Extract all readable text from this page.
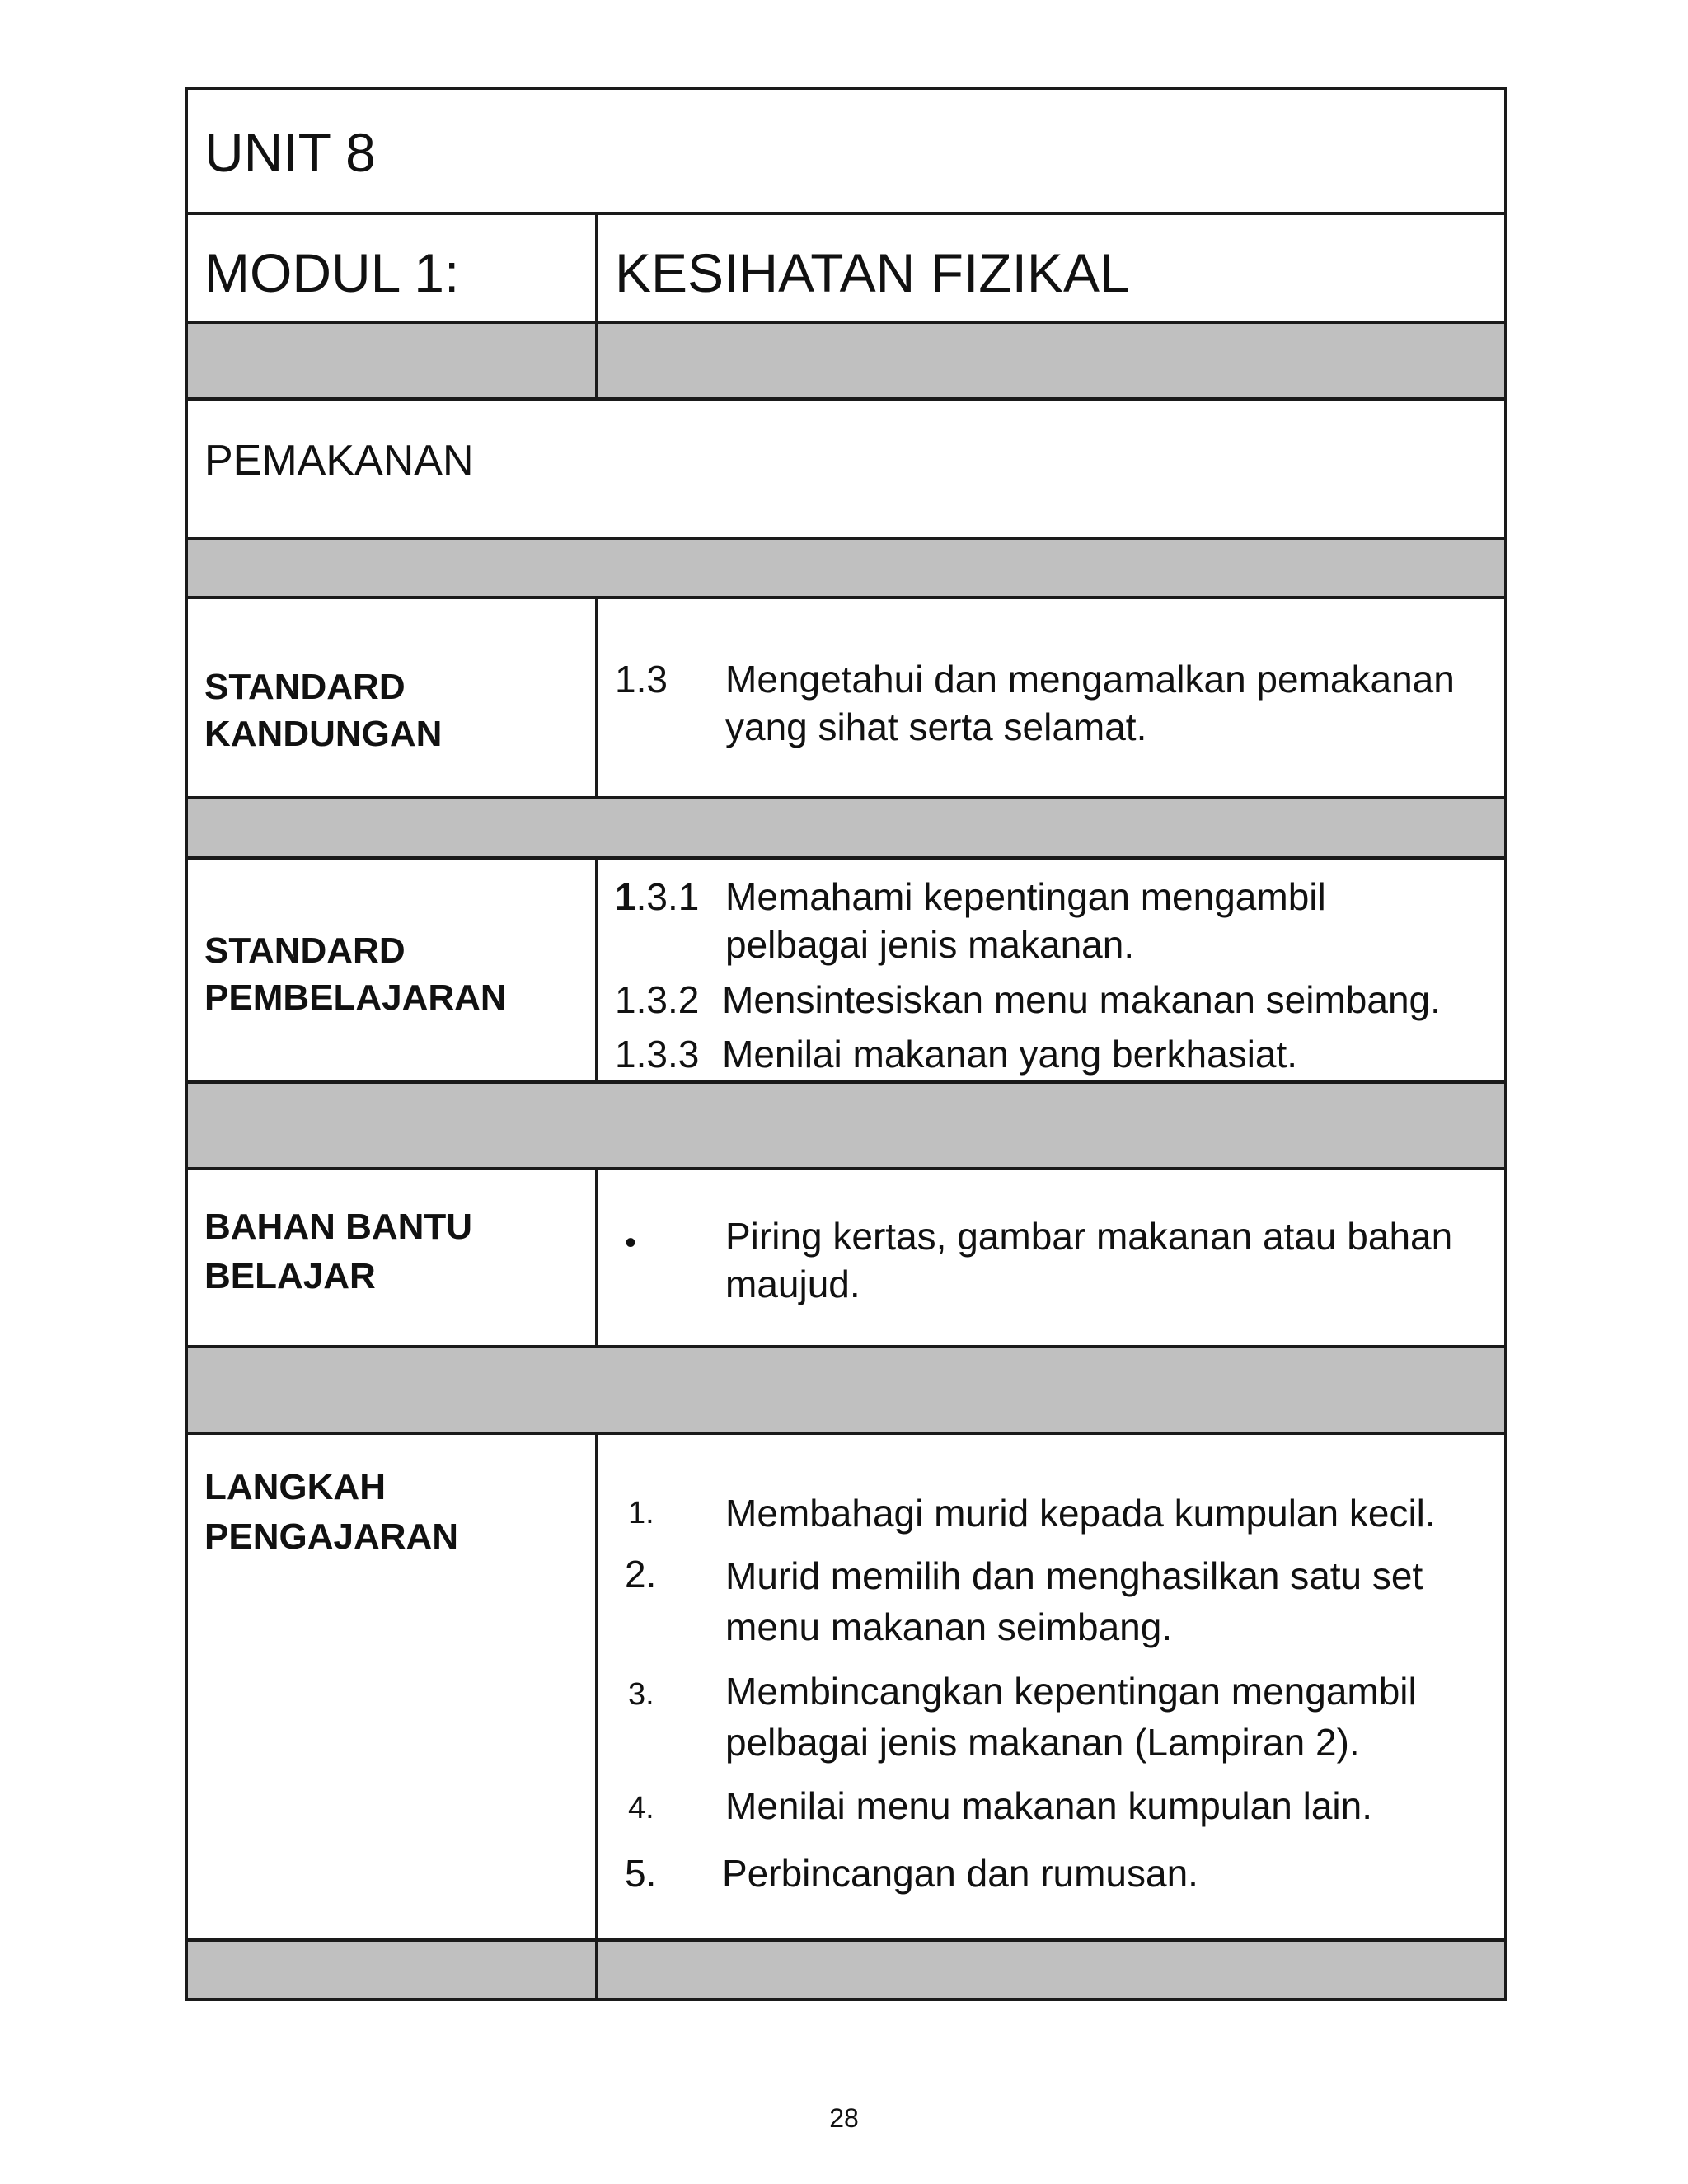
UNIT 8
MODUL 1:	KESIHATAN FIZIKAL
PEMAKANAN
STANDARD
KANDUNGAN
1.3 Mengetahui dan mengamalkan pemakanan
yang sihat serta selamat.
STANDARD
PEMBELAJARAN
1.3.1 Memahami kepentingan mengambil
pelbagai jenis makanan.
1.3.2 Mensintesiskan menu makanan seimbang.
1.3.3 Menilai makanan yang berkhasiat.
BAHAN BANTU
BELAJAR
• Piring kertas, gambar makanan atau bahan
maujud.
LANGKAH
PENGAJARAN
1. Membahagi murid kepada kumpulan kecil.
2. Murid memilih dan menghasilkan satu set
menu makanan seimbang.
3. Membincangkan kepentingan mengambil
pelbagai jenis makanan (Lampiran 2).
4. Menilai menu makanan kumpulan lain.
5. Perbincangan dan rumusan.
28
